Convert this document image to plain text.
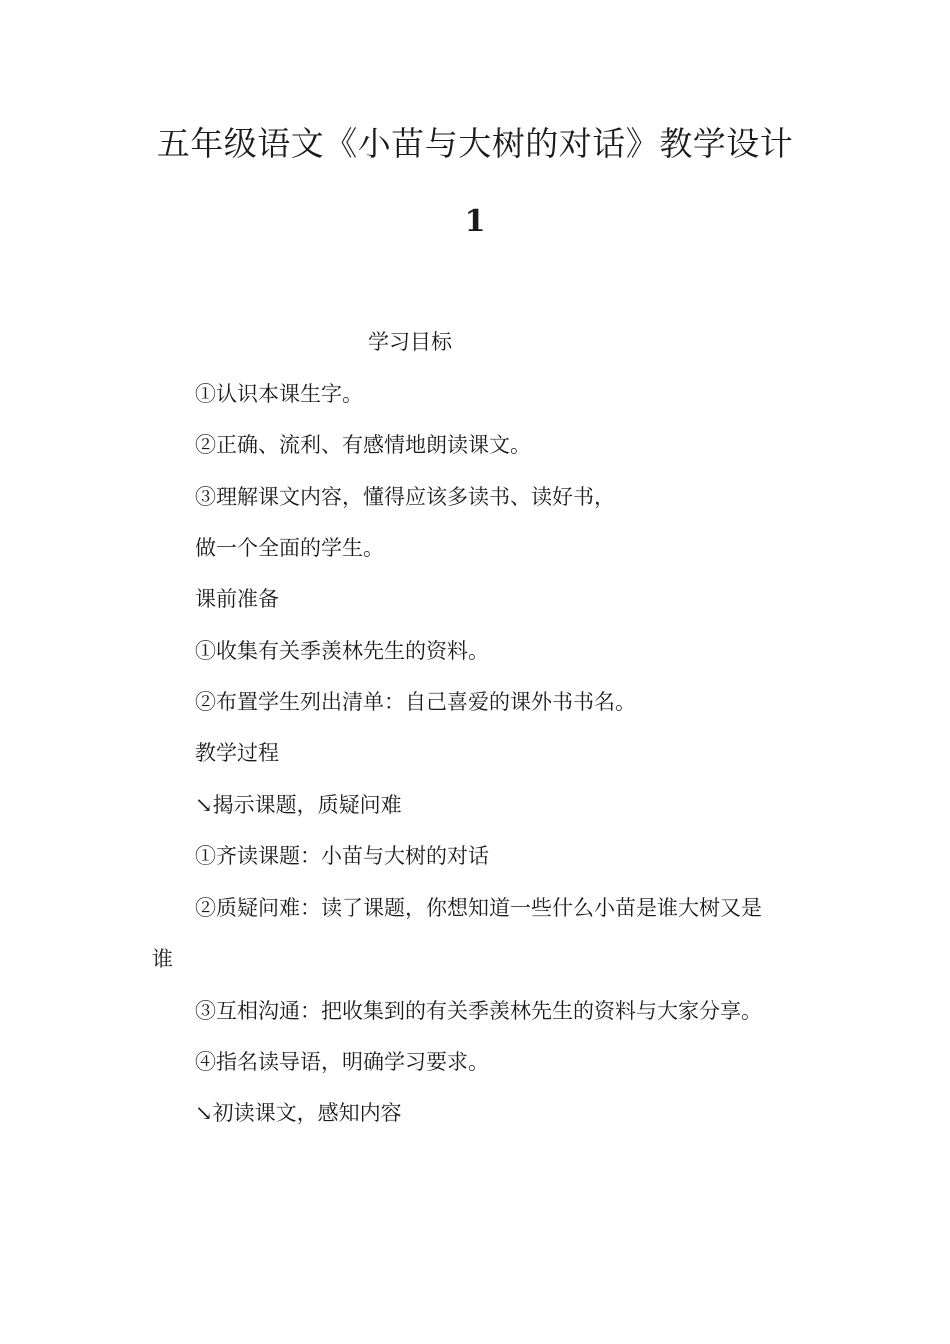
五年级语文《小苗与大树的对话》教学设计
1
学习目标
①认识本课生字。
②正确、流利、有感情地朗读课文。
③理解课文内容，懂得应该多读书、读好书，
做一个全面的学生。
课前准备
①收集有关季羡林先生的资料。
②布置学生列出清单：自己喜爱的课外书书名。
教学过程
↘揭示课题，质疑问难
①齐读课题：小苗与大树的对话
②质疑问难：读了课题，你想知道一些什么小苗是谁大树又是
谁
③互相沟通：把收集到的有关季羡林先生的资料与大家分享。
④指名读导语，明确学习要求。
↘初读课文，感知内容
